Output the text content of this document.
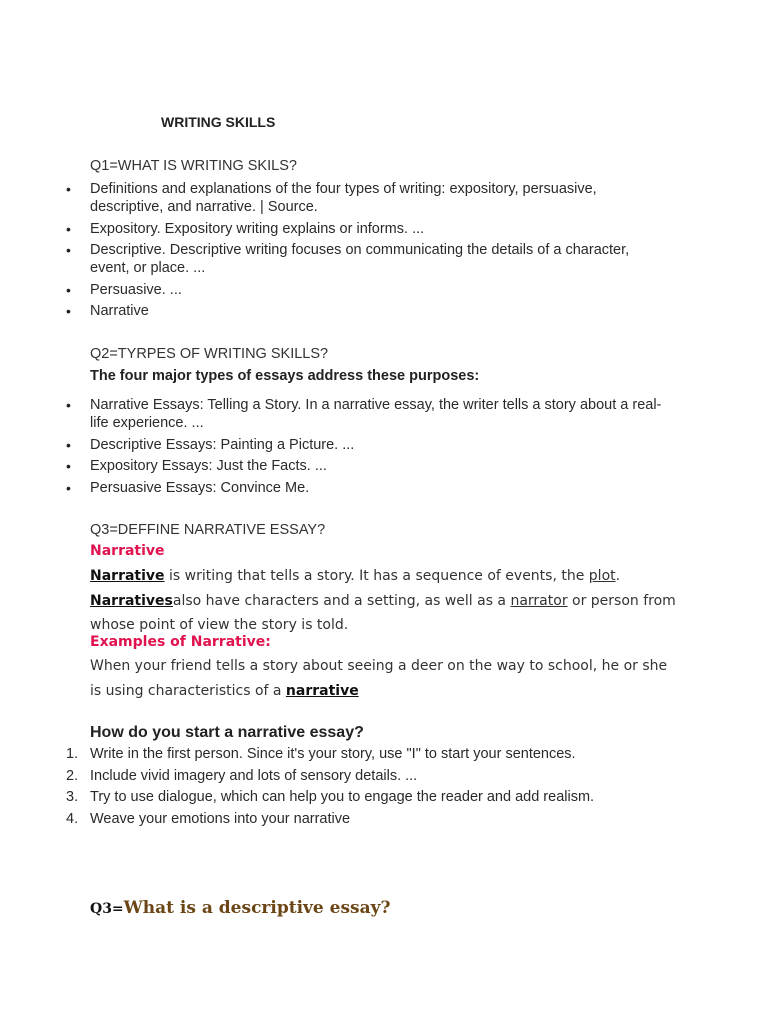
WRITING SKILLS
Q1=WHAT IS WRITING SKILS?
• Definitions and explanations of the four types of writing: expository, persuasive, descriptive, and narrative. | Source.
• Expository. Expository writing explains or informs. ...
• Descriptive. Descriptive writing focuses on communicating the details of a character, event, or place. ...
• Persuasive. ...
• Narrative
Q2=TYRPES OF WRITING SKILLS?
The four major types of essays address these purposes:
• Narrative Essays: Telling a Story. In a narrative essay, the writer tells a story about a real-life experience. ...
• Descriptive Essays: Painting a Picture. ...
• Expository Essays: Just the Facts. ...
• Persuasive Essays: Convince Me.
Q3=DEFFINE NARRATIVE ESSAY?
Narrative
Narrative is writing that tells a story. It has a sequence of events, the plot. Narrativesalso have characters and a setting, as well as a narrator or person from whose point of view the story is told.
Examples of Narrative:
When your friend tells a story about seeing a deer on the way to school, he or she is using characteristics of a narrative
How do you start a narrative essay?
1. Write in the first person. Since it's your story, use "I" to start your sentences.
2. Include vivid imagery and lots of sensory details. ...
3. Try to use dialogue, which can help you to engage the reader and add realism.
4. Weave your emotions into your narrative
Q3=What is a descriptive essay?
